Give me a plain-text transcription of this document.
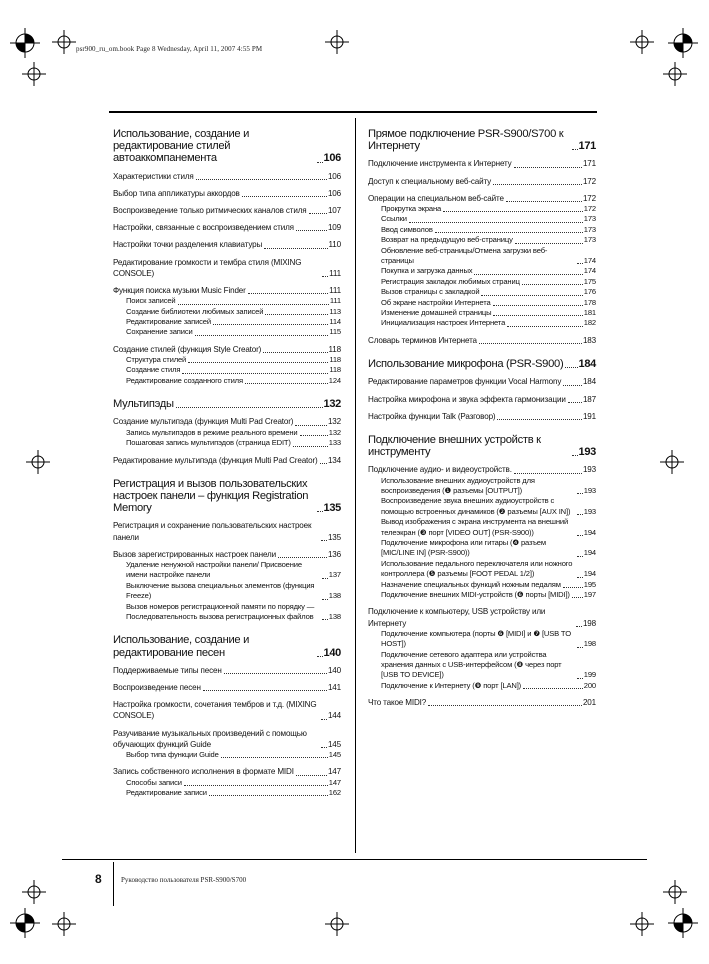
psr900_ru_om.book Page 8 Wednesday, April 11, 2007 4:55 PM
Использование, создание и редактирование стилей автоаккомпанемента	106
Характеристики стиля	106
Выбор типа аппликатуры аккордов	106
Воспроизведение только ритмических каналов стиля	107
Настройки, связанные с воспроизведением стиля	109
Настройки точки разделения клавиатуры	110
Редактирование громкости и тембра стиля (MIXING CONSOLE)	111
Функция поиска музыки Music Finder	111
Поиск записей	111
Создание библиотеки любимых записей	113
Редактирование записей	114
Сохранение записи	115
Создание стилей (функция Style Creator)	118
Структура стилей	118
Создание стиля	118
Редактирование созданного стиля	124
Мультипэды	132
Создание мультипэда (функция Multi Pad Creator)	132
Запись мультипэдов в режиме реального времени	132
Пошаговая запись мультипэдов (страница EDIT)	133
Редактирование мультипэда (функция Multi Pad Creator) 134
Регистрация и вызов пользовательских настроек панели – функция Registration Memory	135
Регистрация и сохранение пользовательских настроек панели	135
Вызов зарегистрированных настроек панели	136
Удаление ненужной настройки панели/ Присвоение имени настройке панели	137
Выключение вызова специальных элементов (функция Freeze)	138
Вызов номеров регистрационной памяти по порядку — Последовательность вызова регистрационных файлов	138
Использование, создание и редактирование песен	140
Поддерживаемые типы песен	140
Воспроизведение песен	141
Настройка громкости, сочетания тембров и т.д. (MIXING CONSOLE)	144
Разучивание музыкальных произведений с помощью обучающих функций Guide	145
Выбор типа функции Guide	145
Запись собственного исполнения в формате MIDI	147
Способы записи	147
Редактирование записи	162
Прямое подключение PSR-S900/S700 к Интернету	171
Подключение инструмента к Интернету	171
Доступ к специальному веб-сайту	172
Операции на специальном веб-сайте	172
Прокрутка экрана	172
Ссылки	173
Ввод символов	173
Возврат на предыдущую веб-страницу	173
Обновление веб-страницы/Отмена загрузки веб-страницы	174
Покупка и загрузка данных	174
Регистрация закладок любимых страниц	175
Вызов страницы с закладкой	176
Об экране настройки Интернета	178
Изменение домашней страницы	181
Инициализация настроек Интернета	182
Словарь терминов Интернета	183
Использование микрофона (PSR-S900) 184
Редактирование параметров функции Vocal Harmony	184
Настройка микрофона и звука эффекта гармонизации 187
Настройка функции Talk (Разговор)	191
Подключение внешних устройств к инструменту	193
Подключение аудио- и видеоустройств.	193
Использование внешних аудиоустройств для воспроизведения (❶ разъемы [OUTPUT])	193
Воспроизведение звука внешних аудиоустройств с помощью встроенных динамиков (❷ разъемы [AUX IN])	193
Вывод изображения с экрана инструмента на внешний телеэкран (❸ порт [VIDEO OUT] (PSR-S900))	194
Подключение микрофона или гитары (❹ разъем [MIC/LINE IN] (PSR-S900))	194
Использование педального переключателя или ножного контроллера (❺ разъемы [FOOT PEDAL 1/2])	194
Назначение специальных функций ножным педалям	195
Подключение внешних MIDI-устройств (❻ порты [MIDI]) 197
Подключение к компьютеру, USB устройству или Интернету	198
Подключение компьютера (порты ❻ [MIDI] и ❼ [USB TO HOST])	198
Подключение сетевого адаптера или устройства хранения данных с USB-интерфейсом (❽ через порт [USB TO DEVICE])	199
Подключение к Интернету (❾ порт [LAN])	200
Что такое MIDI?	201
8	Руководство пользователя PSR-S900/S700
